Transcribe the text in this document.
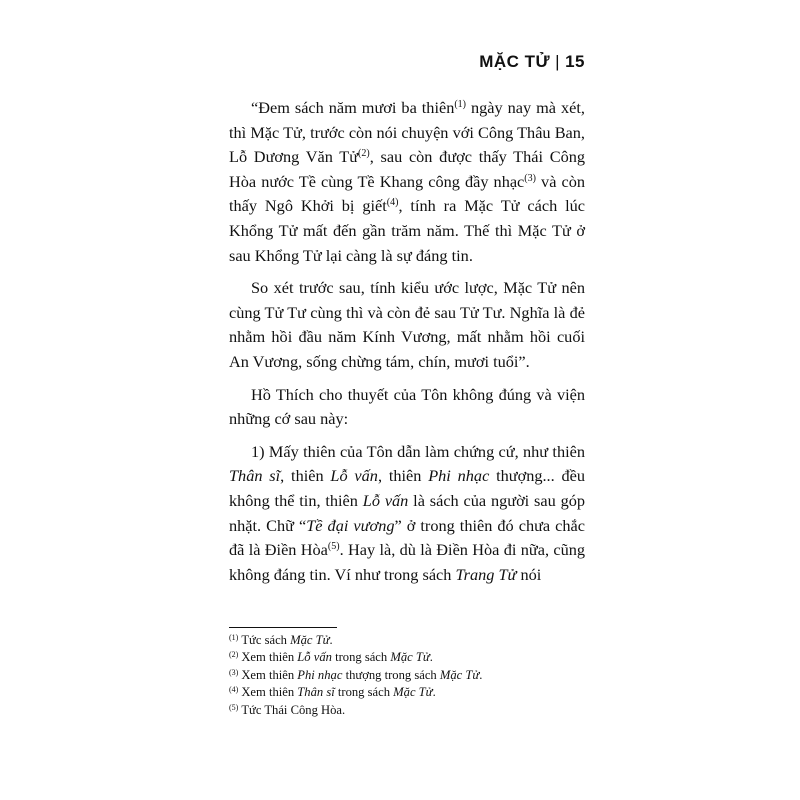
MẶC TỬ | 15

“Đem sách năm mươi ba thiên$^{(1)}$ ngày nay mà xét, thì Mặc Tử, trước còn nói chuyện với Công Thâu Ban, Lỗ Dương Văn Tử$^{(2)}$, sau còn được thấy Thái Công Hòa nước Tề cùng Tề Khang công đầy nhạc$^{(3)}$ và còn thấy Ngô Khởi bị giết$^{(4)}$, tính ra Mặc Tử cách lúc Khổng Tử mất đến gần trăm năm. Thế thì Mặc Tử ở sau Khổng Tử lại càng là sự đáng tin.

So xét trước sau, tính kiểu ước lược, Mặc Tử nên cùng Tử Tư cùng thì và còn đẻ sau Tử Tư. Nghĩa là đẻ nhằm hồi đầu năm Kính Vương, mất nhằm hồi cuối An Vương, sống chừng tám, chín, mươi tuổi”.

Hồ Thích cho thuyết của Tôn không đúng và viện những cớ sau này:

1) Mấy thiên của Tôn dẫn làm chứng cứ, như thiên Thân sĩ, thiên Lỗ vấn, thiên Phi nhạc thượng... đều không thể tin, thiên Lỗ vấn là sách của người sau góp nhặt. Chữ “Tề đại vương” ở trong thiên đó chưa chắc đã là Điền Hòa$^{(5)}$. Hay là, dù là Điền Hòa đi nữa, cũng không đáng tin. Ví như trong sách Trang Tử nói

$^{(1)}$ Tức sách Mặc Tử.

$^{(2)}$ Xem thiên Lỗ vấn trong sách Mặc Tử.

$^{(3)}$ Xem thiên Phi nhạc thượng trong sách Mặc Tử.

$^{(4)}$ Xem thiên Thân sĩ trong sách Mặc Tử.

$^{(5)}$ Tức Thái Công Hòa.
